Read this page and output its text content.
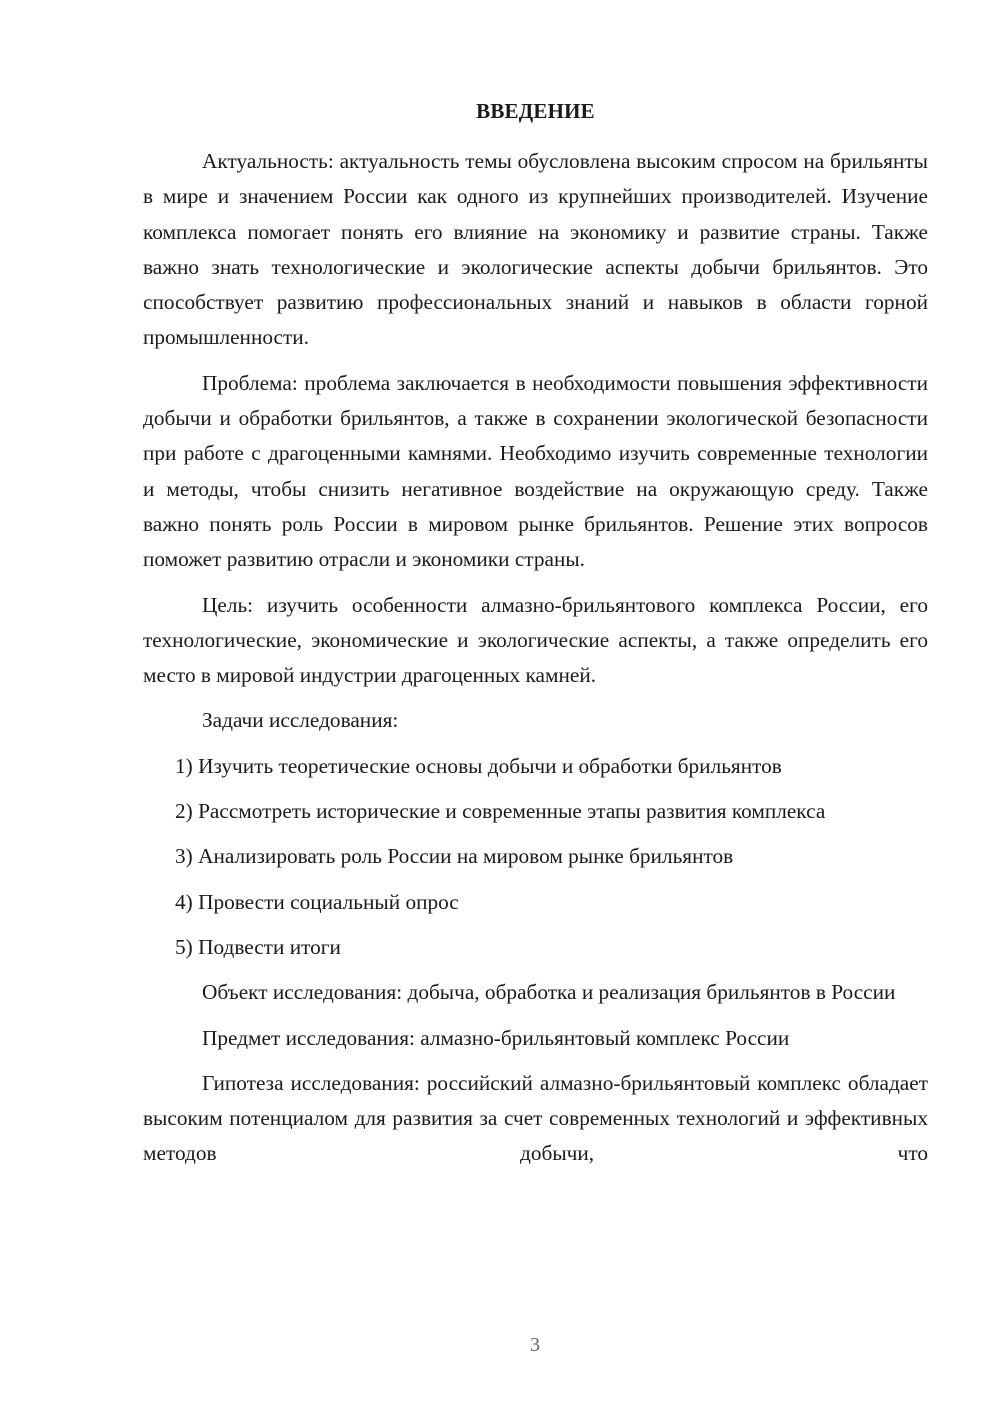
ВВЕДЕНИЕ

Актуальность: актуальность темы обусловлена высоким спросом на брильянты в мире и значением России как одного из крупнейших производителей. Изучение комплекса помогает понять его влияние на экономику и развитие страны. Также важно знать технологические и экологические аспекты добычи брильянтов. Это способствует развитию профессиональных знаний и навыков в области горной промышленности.

Проблема: проблема заключается в необходимости повышения эффективности добычи и обработки брильянтов, а также в сохранении экологической безопасности при работе с драгоценными камнями. Необходимо изучить современные технологии и методы, чтобы снизить негативное воздействие на окружающую среду. Также важно понять роль России в мировом рынке брильянтов. Решение этих вопросов поможет развитию отрасли и экономики страны.

Цель: изучить особенности алмазно-брильянтового комплекса России, его технологические, экономические и экологические аспекты, а также определить его место в мировой индустрии драгоценных камней.

Задачи исследования:

1) Изучить теоретические основы добычи и обработки брильянтов

2) Рассмотреть исторические и современные этапы развития комплекса

3) Анализировать роль России на мировом рынке брильянтов

4) Провести социальный опрос

5) Подвести итоги

Объект исследования: добыча, обработка и реализация брильянтов в России

Предмет исследования: алмазно-брильянтовый комплекс России

Гипотеза исследования: российский алмазно-брильянтовый комплекс обладает высоким потенциалом для развития за счет современных технологий и эффективных методов добычи, что

3
